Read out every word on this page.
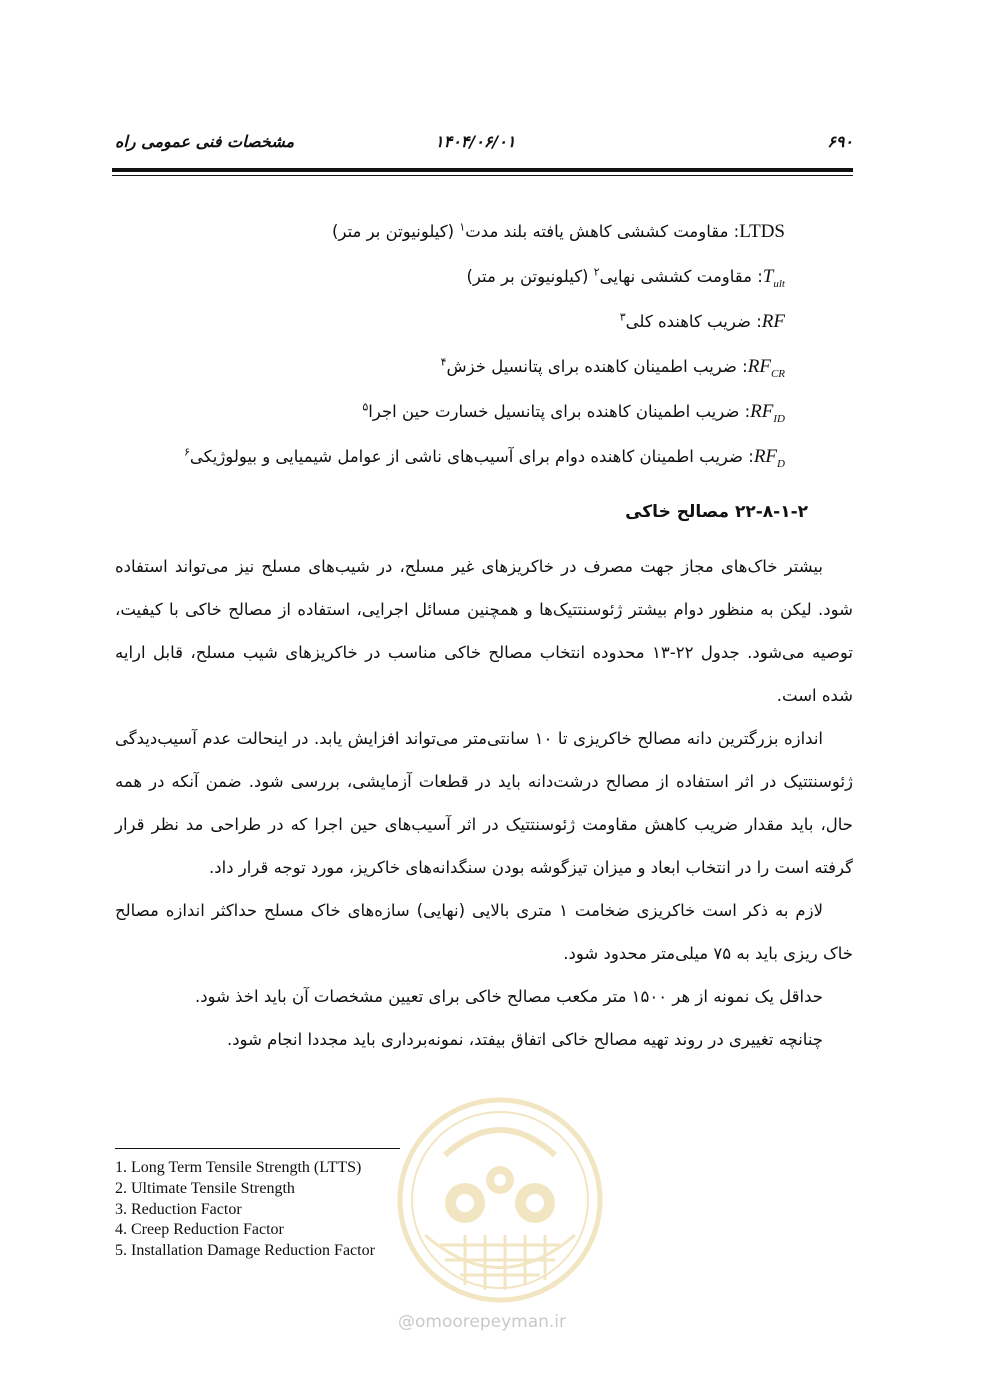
مشخصات فنی عمومی راه	۱۴۰۴/۰۶/۰۱	۶۹۰
LTDS: مقاومت کششی کاهش یافته بلند مدت$^۱$ (کیلونیوتن بر متر)
$T_{ult}$: مقاومت کششی نهایی$^۲$ (کیلونیوتن بر متر)
RF: ضریب کاهنده کلی$^۳$
$RF_{CR}$: ضریب اطمینان کاهنده برای پتانسیل خزش$^۴$
$RF_{ID}$: ضریب اطمینان کاهنده برای پتانسیل خسارت حین اجرا$^۵$
$RF_D$: ضریب اطمینان کاهنده دوام برای آسیب‌های ناشی از عوامل شیمیایی و بیولوژیکی$^۶$
۲۲-۸-۱-۲ مصالح خاکی

بیشتر خاک‌های مجاز جهت مصرف در خاکریزهای غیر مسلح، در شیب‌های مسلح نیز می‌تواند استفاده شود. لیکن به منظور دوام بیشتر ژئوسنتتیک‌ها و همچنین مسائل اجرایی، استفاده از مصالح خاکی با کیفیت، توصیه می‌شود. جدول ۲۲-۱۳ محدوده انتخاب مصالح خاکی مناسب در خاکریزهای شیب مسلح، قابل ارایه شده است.

اندازه بزرگترین دانه مصالح خاکریزی تا ۱۰ سانتی‌متر می‌تواند افزایش یابد. در اینحالت عدم آسیب‌دیدگی ژئوسنتتیک در اثر استفاده از مصالح درشت‌دانه باید در قطعات آزمایشی، بررسی شود. ضمن آنکه در همه حال، باید مقدار ضریب کاهش مقاومت ژئوسنتتیک در اثر آسیب‌های حین اجرا که در طراحی مد نظر قرار گرفته است را در انتخاب ابعاد و میزان تیزگوشه بودن سنگدانه‌های خاکریز، مورد توجه قرار داد.

لازم به ذکر است خاکریزی ضخامت ۱ متری بالایی (نهایی) سازه‌های خاک مسلح حداکثر اندازه مصالح خاک ریزی باید به ۷۵ میلی‌متر محدود شود.

حداقل یک نمونه از هر ۱۵۰۰ متر مکعب مصالح خاکی برای تعیین مشخصات آن باید اخذ شود.

چنانچه تغییری در روند تهیه مصالح خاکی اتفاق بیفتد، نمونه‌برداری باید مجددا انجام شود.

@omoorepeyman.ir
1. Long Term Tensile Strength (LTTS)
2. Ultimate Tensile Strength
3. Reduction Factor
4. Creep Reduction Factor
5. Installation Damage Reduction Factor
